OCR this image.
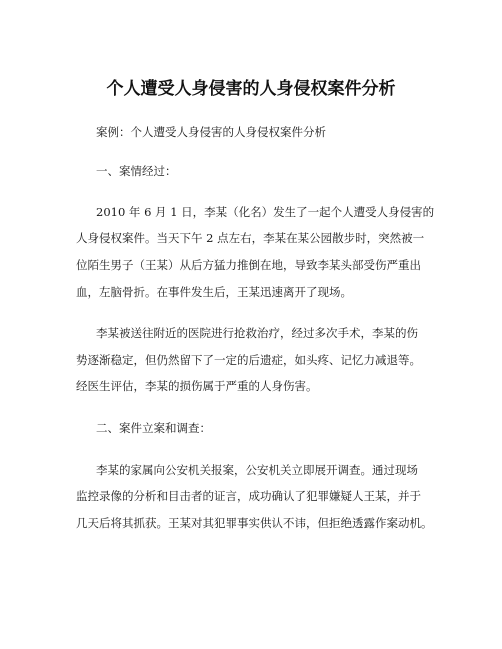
个人遭受人身侵害的人身侵权案件分析

案例：个人遭受人身侵害的人身侵权案件分析

一、案情经过：

2010 年 6 月 1 日，李某（化名）发生了一起个人遭受人身侵害的

人身侵权案件。当天下午 2 点左右，李某在某公园散步时，突然被一

位陌生男子（王某）从后方猛力推倒在地，导致李某头部受伤严重出

血，左脑骨折。在事件发生后，王某迅速离开了现场。

李某被送往附近的医院进行抢救治疗，经过多次手术，李某的伤

势逐渐稳定，但仍然留下了一定的后遗症，如头疼、记忆力减退等。

经医生评估，李某的损伤属于严重的人身伤害。

二、案件立案和调查：

李某的家属向公安机关报案，公安机关立即展开调查。通过现场

监控录像的分析和目击者的证言，成功确认了犯罪嫌疑人王某，并于

几天后将其抓获。王某对其犯罪事实供认不讳，但拒绝透露作案动机。
